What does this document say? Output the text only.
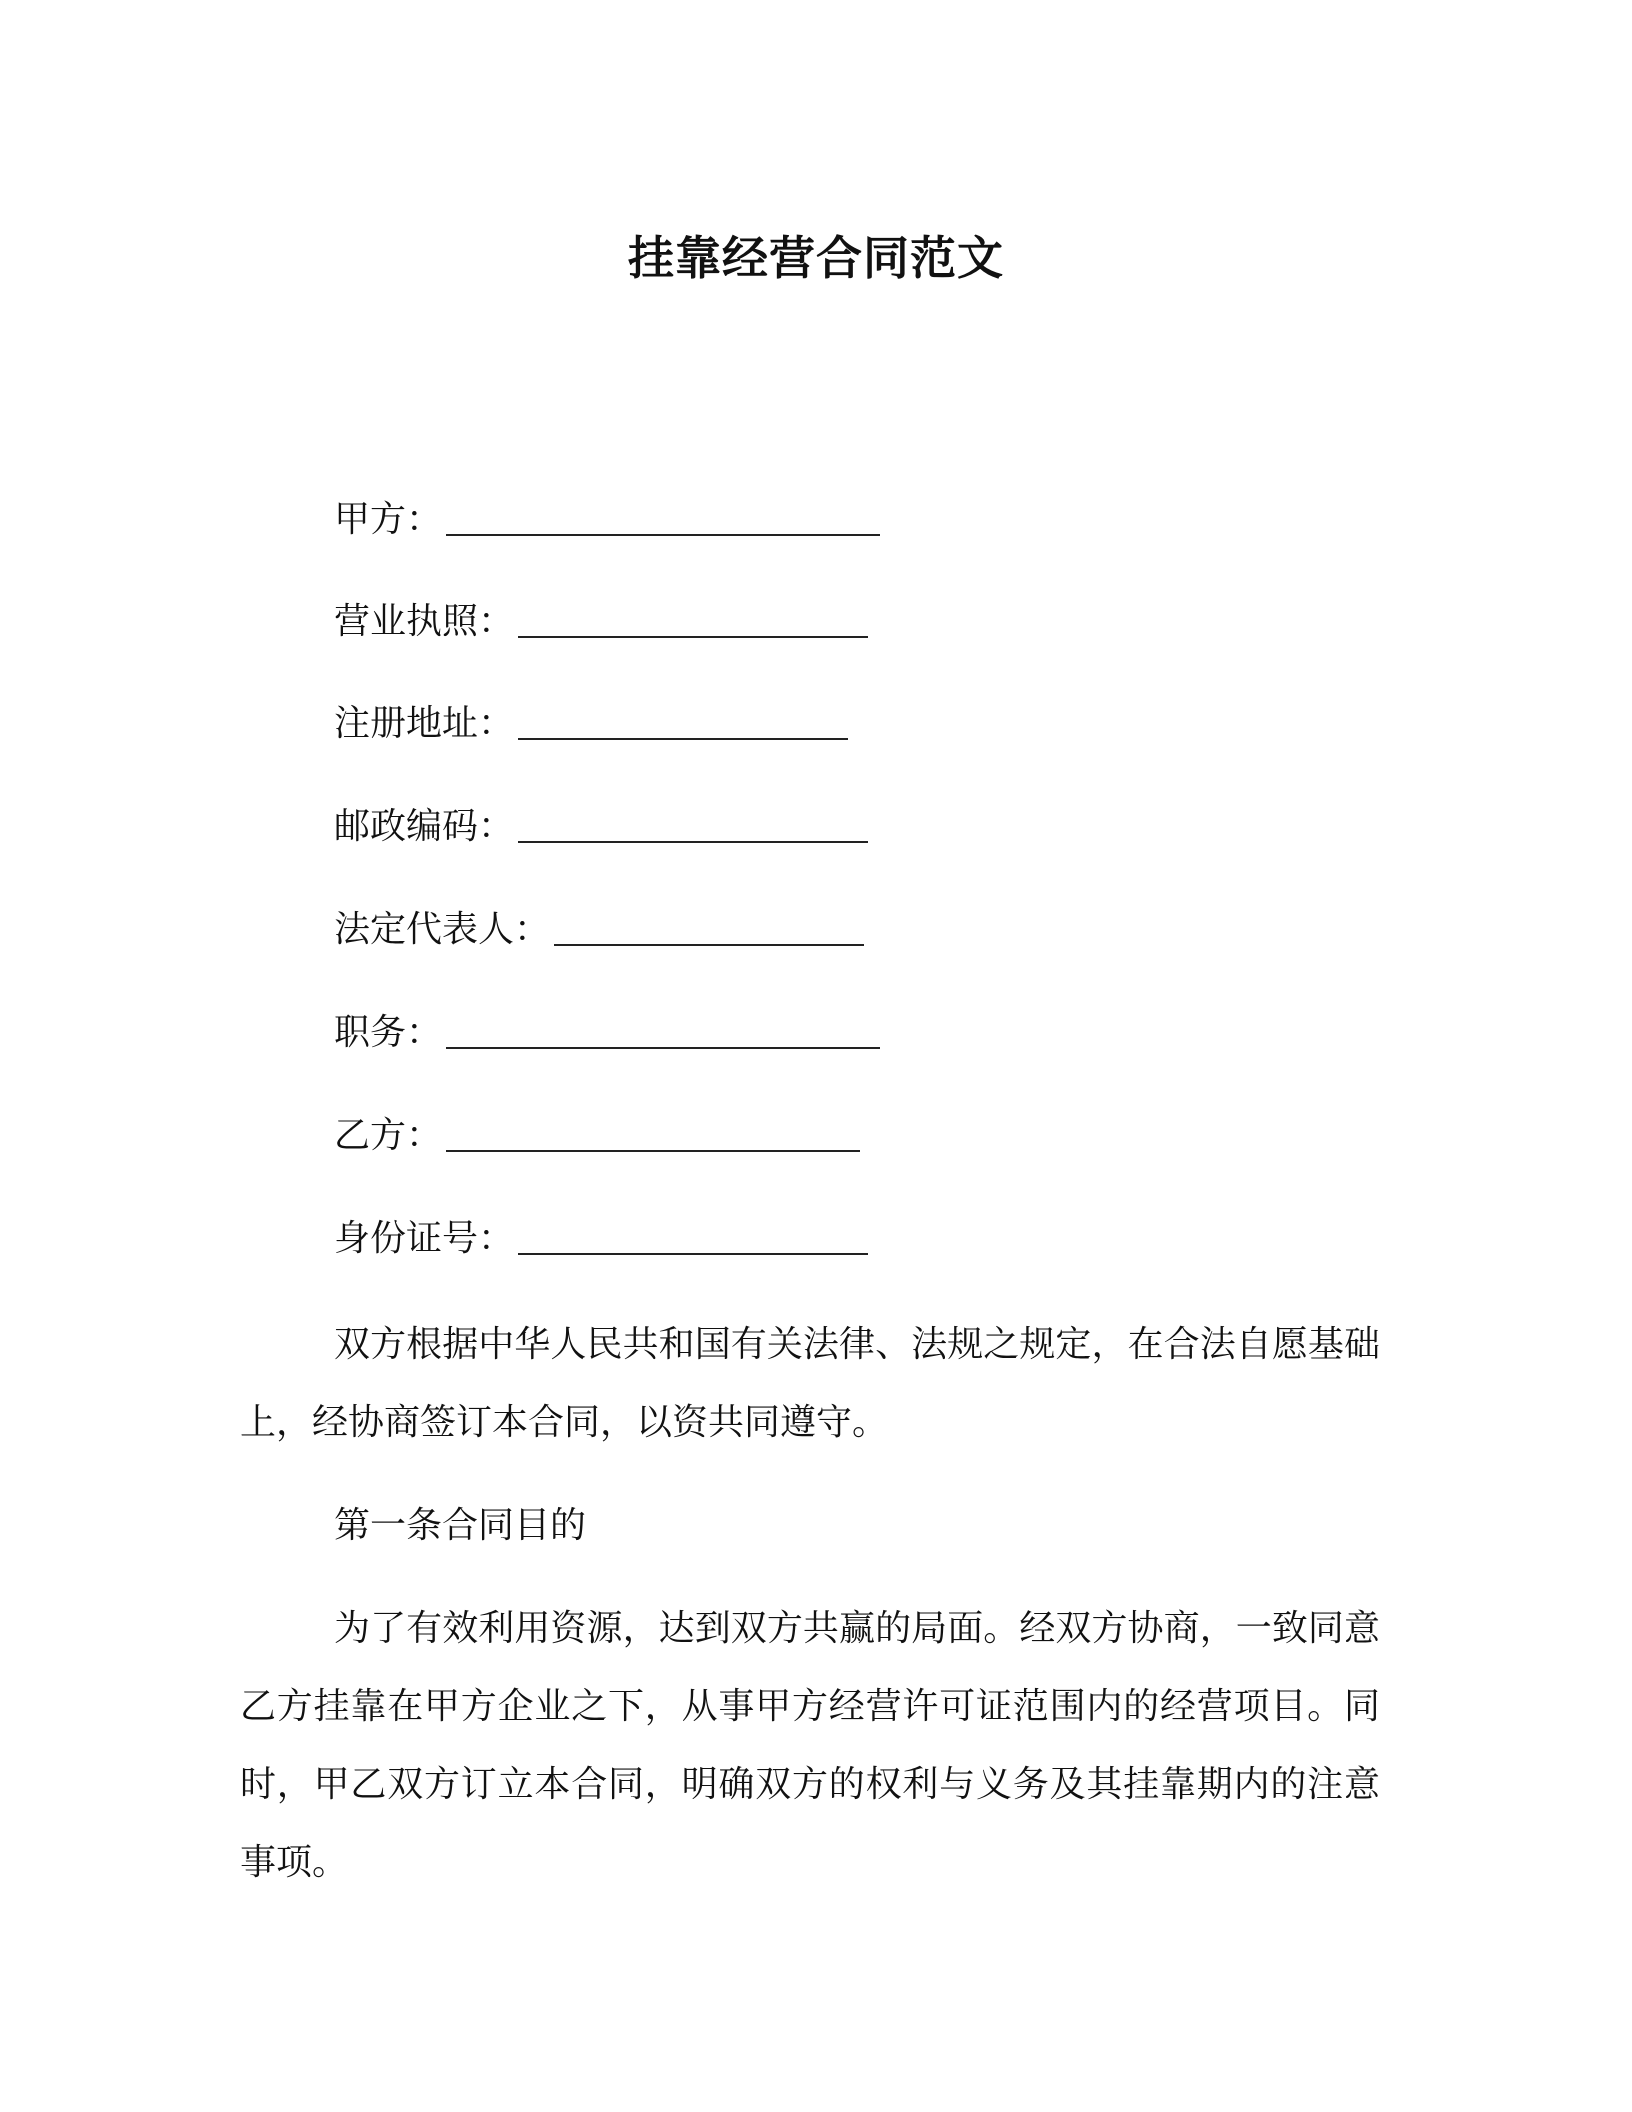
挂靠经营合同范文
甲方：
营业执照：
注册地址：
邮政编码：
法定代表人：
职务：
乙方：
身份证号：

双方根据中华人民共和国有关法律、法规之规定，在合法自愿基础上，经协商签订本合同，以资共同遵守。

第一条合同目的

为了有效利用资源，达到双方共赢的局面。经双方协商，一致同意乙方挂靠在甲方企业之下，从事甲方经营许可证范围内的经营项目。同时，甲乙双方订立本合同，明确双方的权利与义务及其挂靠期内的注意事项。
